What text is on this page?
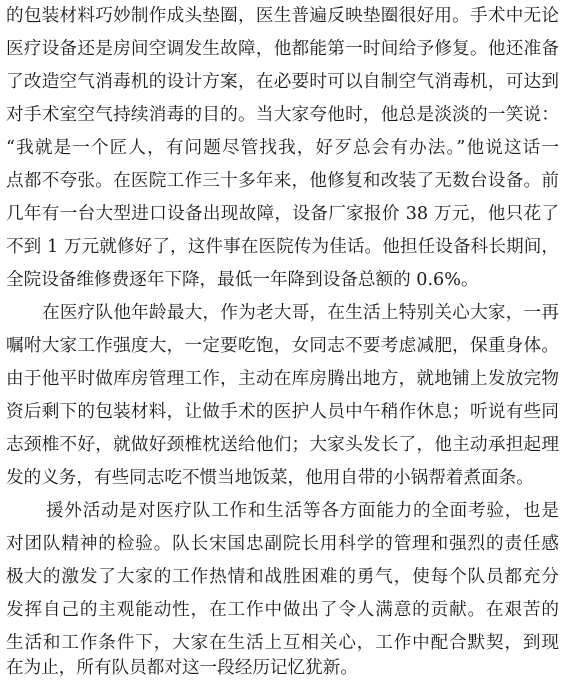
的包装材料巧妙制作成头垫圈，医生普遍反映垫圈很好用。手术中无论
医疗设备还是房间空调发生故障，他都能第一时间给予修复。他还准备
了改造空气消毒机的设计方案，在必要时可以自制空气消毒机，可达到
对手术室空气持续消毒的目的。当大家夸他时，他总是淡淡的一笑说：
“我就是一个匠人，有问题尽管找我，好歹总会有办法。”他说这话一
点都不夸张。在医院工作三十多年来，他修复和改装了无数台设备。前
几年有一台大型进口设备出现故障，设备厂家报价 38 万元，他只花了
不到 1 万元就修好了，这件事在医院传为佳话。他担任设备科长期间，
全院设备维修费逐年下降，最低一年降到设备总额的 0.6%。
在医疗队他年龄最大，作为老大哥，在生活上特别关心大家，一再
嘱咐大家工作强度大，一定要吃饱，女同志不要考虑减肥，保重身体。
由于他平时做库房管理工作，主动在库房腾出地方，就地铺上发放完物
资后剩下的包装材料，让做手术的医护人员中午稍作休息；听说有些同
志颈椎不好，就做好颈椎枕送给他们；大家头发长了，他主动承担起理
发的义务，有些同志吃不惯当地饭菜，他用自带的小锅帮着煮面条。
援外活动是对医疗队工作和生活等各方面能力的全面考验，也是
对团队精神的检验。队长宋国忠副院长用科学的管理和强烈的责任感
极大的激发了大家的工作热情和战胜困难的勇气，使每个队员都充分
发挥自己的主观能动性，在工作中做出了令人满意的贡献。在艰苦的
生活和工作条件下，大家在生活上互相关心，工作中配合默契，到现
在为止，所有队员都对这一段经历记忆犹新。
